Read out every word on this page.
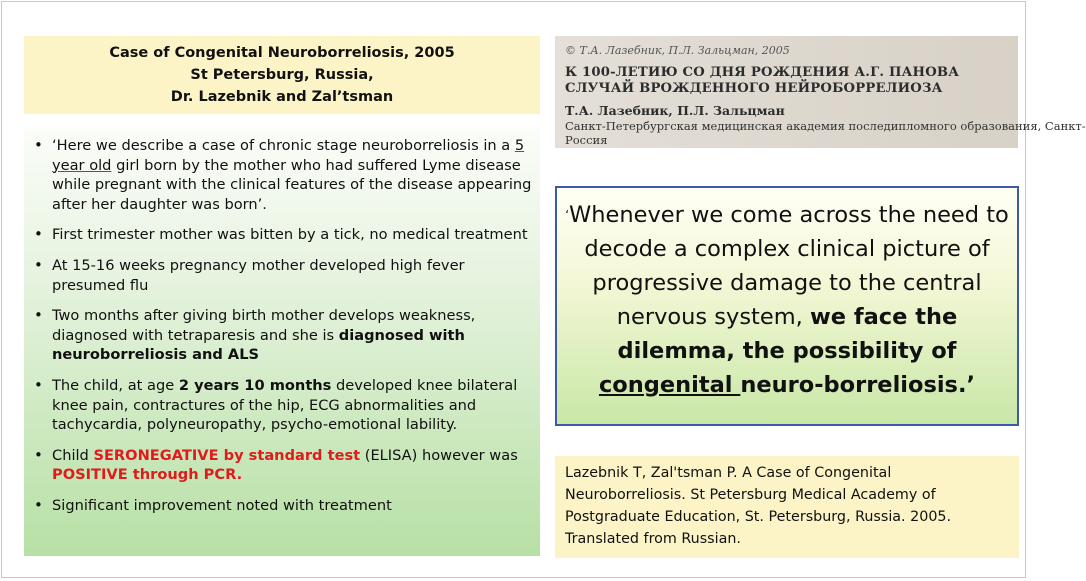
Case of Congenital Neuroborreliosis, 2005
St Petersburg, Russia,
Dr. Lazebnik and Zal’tsman
• ‘Here we describe a case of chronic stage neuroborreliosis in a 5 year old girl born by the mother who had suffered Lyme disease while pregnant with the clinical features of the disease appearing after her daughter was born’.
• First trimester mother was bitten by a tick, no medical treatment
• At 15-16 weeks pregnancy mother developed high fever presumed flu
• Two months after giving birth mother develops weakness, diagnosed with tetraparesis and she is diagnosed with neuroborreliosis and ALS
• The child, at age 2 years 10 months developed knee bilateral knee pain, contractures of the hip, ECG abnormalities and tachycardia, polyneuropathy, psycho-emotional lability.
• Child SERONEGATIVE by standard test (ELISA) however was POSITIVE through PCR.
• Significant improvement noted with treatment
© Т.А. Лазебник, П.Л. Зальцман, 2005
К 100-ЛЕТИЮ СО ДНЯ РОЖДЕНИЯ А.Г. ПАНОВА
СЛУЧАЙ ВРОЖДЕННОГО НЕЙРОБОРРЕЛИОЗА
Т.А. Лазебник, П.Л. Зальцман
Санкт-Петербургская медицинская академия последипломного образования, Санкт-
Россия
‘Whenever we come across the need to decode a complex clinical picture of progressive damage to the central nervous system, we face the dilemma, the possibility of congenital neuro-borreliosis.’
Lazebnik T, Zal'tsman P. A Case of Congenital
Neuroborreliosis. St Petersburg Medical Academy of
Postgraduate Education, St. Petersburg, Russia. 2005.
Translated from Russian.
